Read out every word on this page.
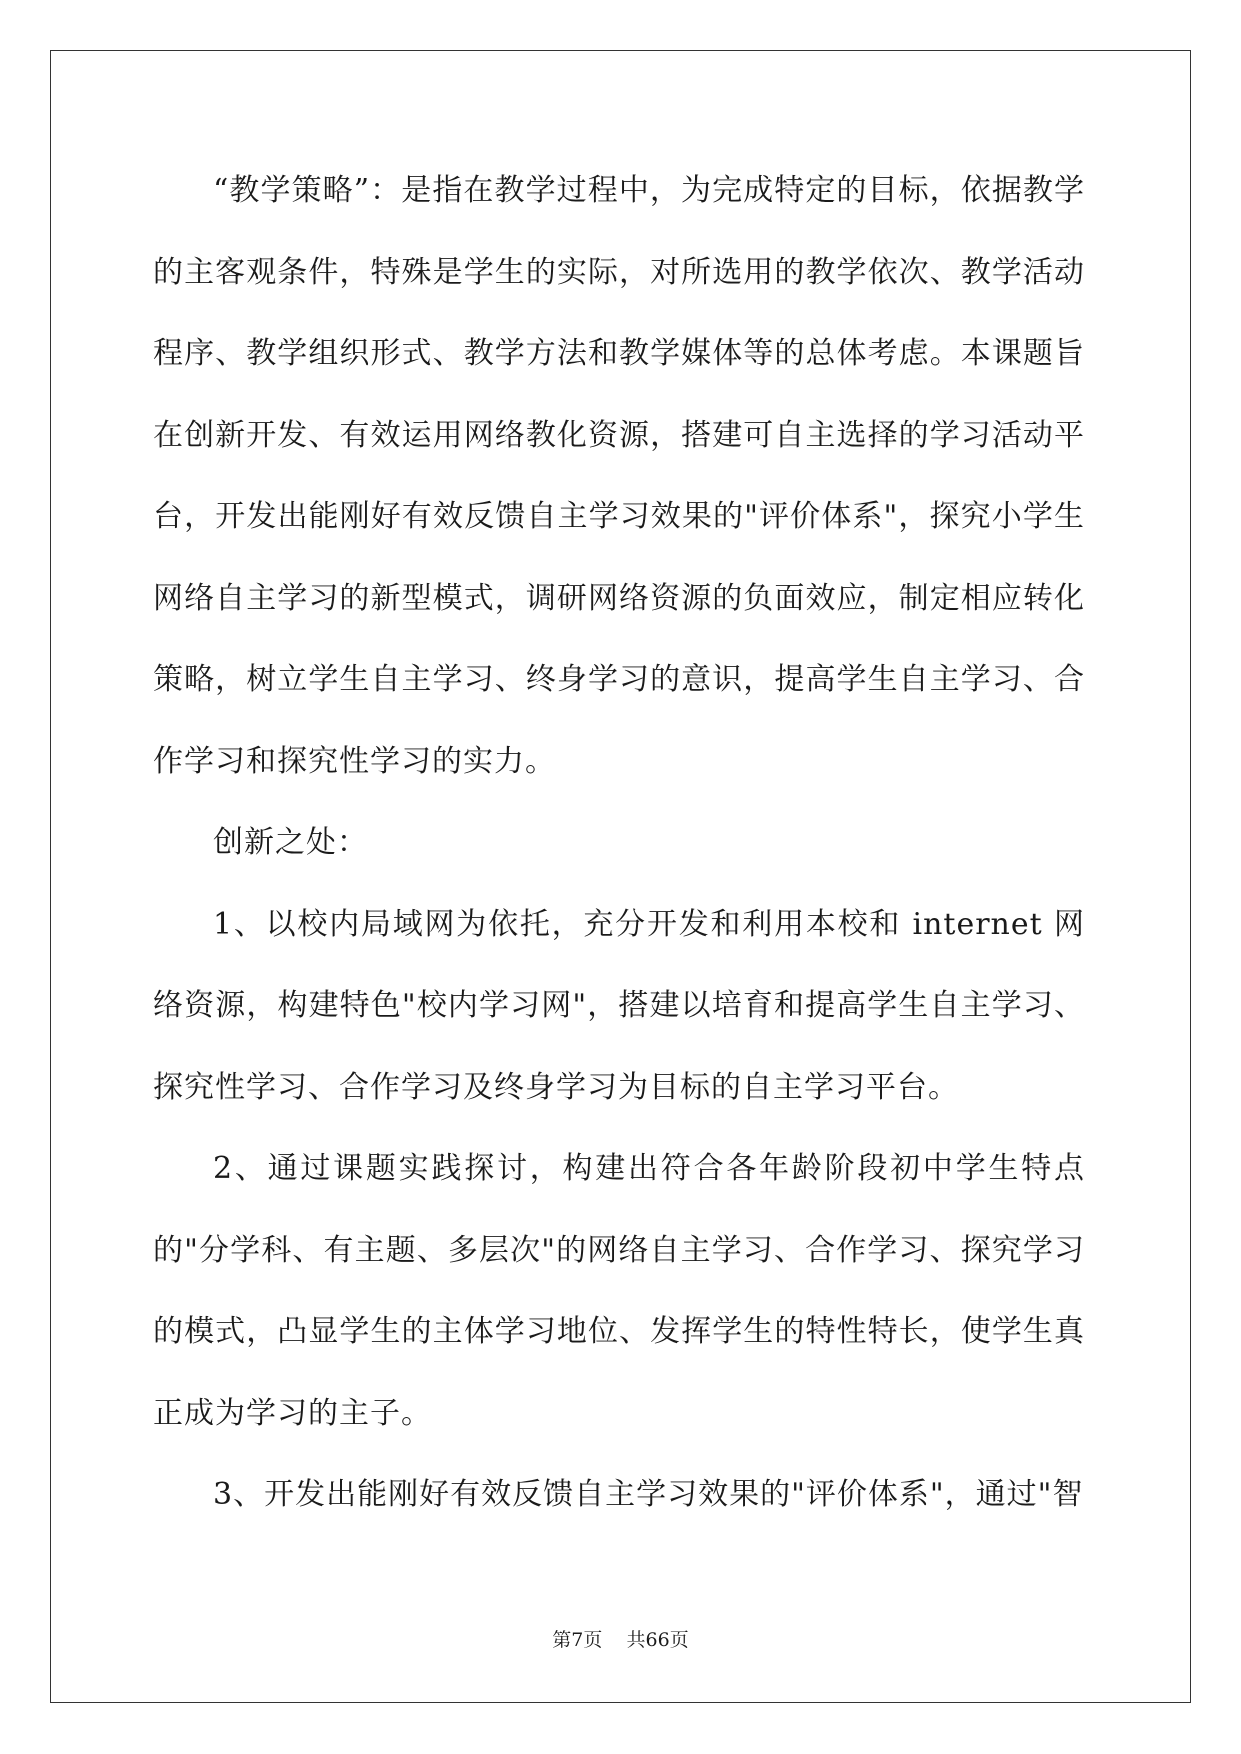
“教学策略”：是指在教学过程中，为完成特定的目标，依据教学的主客观条件，特殊是学生的实际，对所选用的教学依次、教学活动程序、教学组织形式、教学方法和教学媒体等的总体考虑。本课题旨在创新开发、有效运用网络教化资源，搭建可自主选择的学习活动平台，开发出能刚好有效反馈自主学习效果的"评价体系"，探究小学生网络自主学习的新型模式，调研网络资源的负面效应，制定相应转化策略，树立学生自主学习、终身学习的意识，提高学生自主学习、合作学习和探究性学习的实力。

创新之处：

1、以校内局域网为依托，充分开发和利用本校和 internet 网络资源，构建特色"校内学习网"，搭建以培育和提高学生自主学习、探究性学习、合作学习及终身学习为目标的自主学习平台。

2、通过课题实践探讨，构建出符合各年龄阶段初中学生特点的"分学科、有主题、多层次"的网络自主学习、合作学习、探究学习的模式，凸显学生的主体学习地位、发挥学生的特性特长，使学生真正成为学习的主子。

3、开发出能刚好有效反馈自主学习效果的"评价体系"，通过"智

第7页 共66页
